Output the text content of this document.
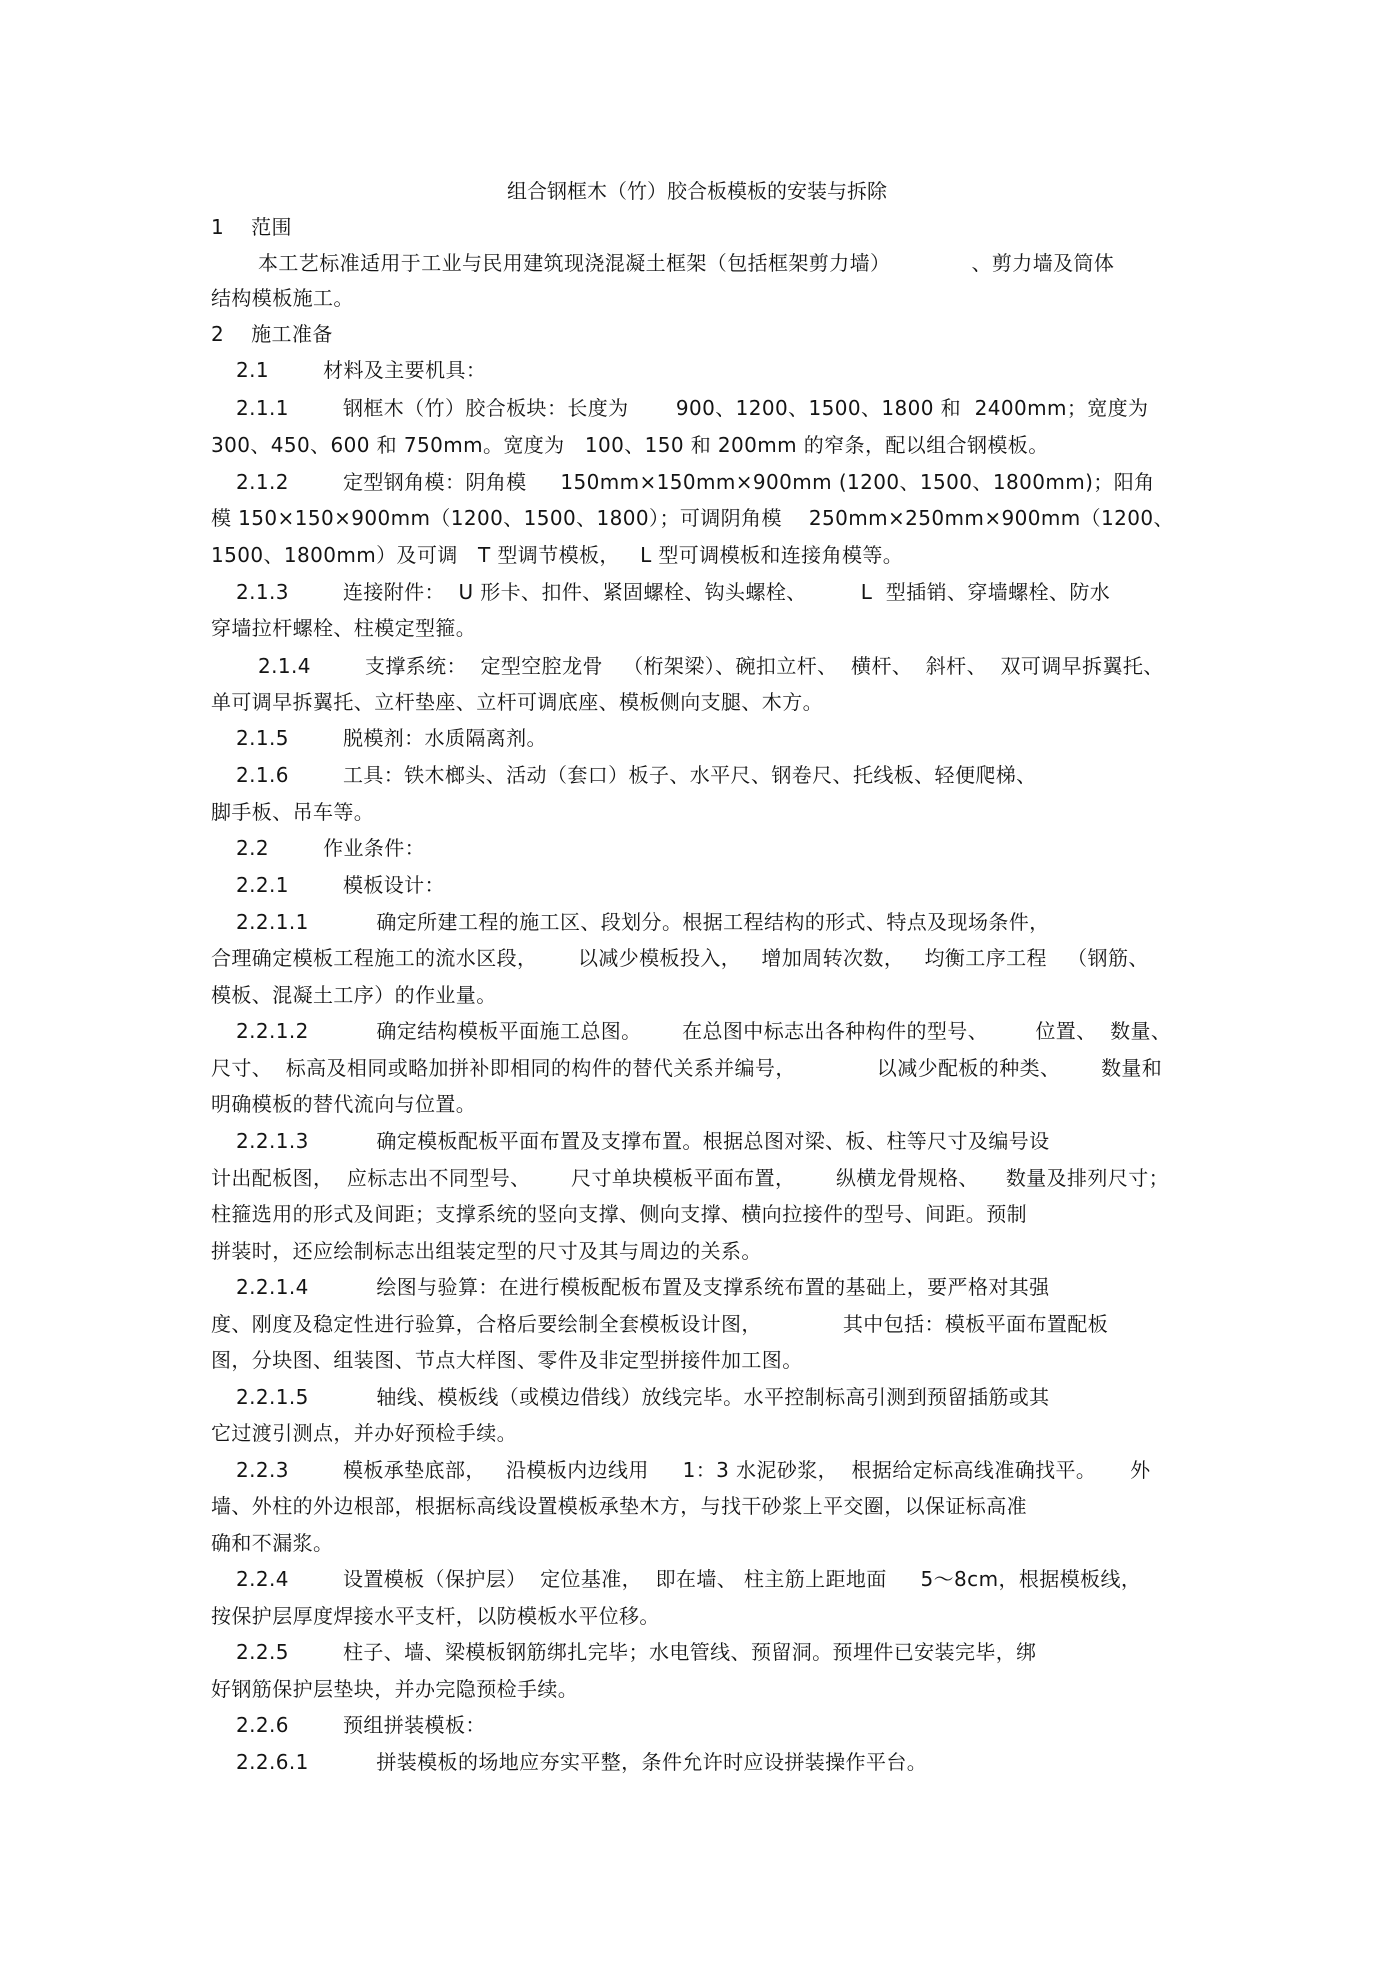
组合钢框木（竹）胶合板模板的安装与拆除
1    范围
本工艺标准适用于工业与民用建筑现浇混凝土框架（包括框架剪力墙）            、剪力墙及筒体
结构模板施工。
2    施工准备
2.1        材料及主要机具：
2.1.1        钢框木（竹）胶合板块：长度为       900、1200、1500、1800 和  2400mm；宽度为
300、450、600 和 750mm。宽度为   100、150 和 200mm 的窄条，配以组合钢模板。
2.1.2        定型钢角模：阴角模     150mm×150mm×900mm (1200、1500、1800mm)；阳角
模 150×150×900mm（1200、1500、1800）；可调阴角模    250mm×250mm×900mm（1200、
1500、1800mm）及可调   T 型调节模板，   L 型可调模板和连接角模等。
2.1.3        连接附件：  U 形卡、扣件、紧固螺栓、钩头螺栓、        L  型插销、穿墙螺栓、防水
穿墙拉杆螺栓、柱模定型箍。
2.1.4        支撑系统：  定型空腔龙骨   （桁架梁）、碗扣立杆、  横杆、  斜杆、  双可调早拆翼托、
单可调早拆翼托、立杆垫座、立杆可调底座、模板侧向支腿、木方。
2.1.5        脱模剂：水质隔离剂。
2.1.6        工具：铁木榔头、活动（套口）板子、水平尺、钢卷尺、托线板、轻便爬梯、
脚手板、吊车等。
2.2        作业条件：
2.2.1        模板设计：
2.2.1.1          确定所建工程的施工区、段划分。根据工程结构的形式、特点及现场条件，
合理确定模板工程施工的流水区段，      以减少模板投入，   增加周转次数，   均衡工序工程   （钢筋、
模板、混凝土工序）的作业量。
2.2.1.2          确定结构模板平面施工总图。      在总图中标志出各种构件的型号、       位置、  数量、
尺寸、  标高及相同或略加拼补即相同的构件的替代关系并编号，            以减少配板的种类、      数量和
明确模板的替代流向与位置。
2.2.1.3          确定模板配板平面布置及支撑布置。根据总图对梁、板、柱等尺寸及编号设
计出配板图，  应标志出不同型号、      尺寸单块模板平面布置，      纵横龙骨规格、    数量及排列尺寸；
柱箍选用的形式及间距；支撑系统的竖向支撑、侧向支撑、横向拉接件的型号、间距。预制
拼装时，还应绘制标志出组装定型的尺寸及其与周边的关系。
2.2.1.4          绘图与验算：在进行模板配板布置及支撑系统布置的基础上，要严格对其强
度、刚度及稳定性进行验算，合格后要绘制全套模板设计图，            其中包括：模板平面布置配板
图，分块图、组装图、节点大样图、零件及非定型拼接件加工图。
2.2.1.5          轴线、模板线（或模边借线）放线完毕。水平控制标高引测到预留插筋或其
它过渡引测点，并办好预检手续。
2.2.3        模板承垫底部，   沿模板内边线用     1：3 水泥砂浆，  根据给定标高线准确找平。     外
墙、外柱的外边根部，根据标高线设置模板承垫木方，与找干砂浆上平交圈，以保证标高准
确和不漏浆。
2.2.4        设置模板（保护层）  定位基准，  即在墙、 柱主筋上距地面     5～8cm，根据模板线，
按保护层厚度焊接水平支杆，以防模板水平位移。
2.2.5        柱子、墙、梁模板钢筋绑扎完毕；水电管线、预留洞。预埋件已安装完毕，绑
好钢筋保护层垫块，并办完隐预检手续。
2.2.6        预组拼装模板：
2.2.6.1          拼装模板的场地应夯实平整，条件允许时应设拼装操作平台。
